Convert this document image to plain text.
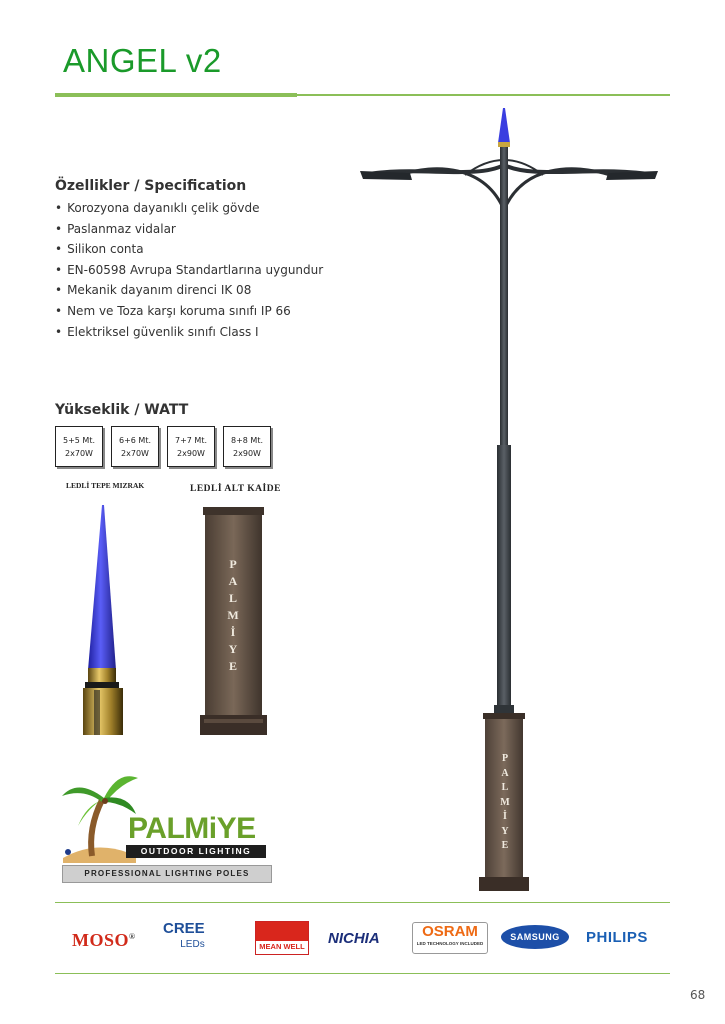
ANGEL v2
Özellikler / Specification
• Korozyona dayanıklı çelik gövde
• Paslanmaz vidalar
• Silikon conta
• EN-60598 Avrupa Standartlarına uygundur
• Mekanik dayanım direnci IK 08
• Nem ve Toza karşı koruma sınıfı IP 66
• Elektriksel güvenlik sınıfı Class I
Yükseklik / WATT
5+5 Mt.
2x70W
6+6 Mt.
2x70W
7+7 Mt.
2x90W
8+8 Mt.
2x90W
LEDLİ TEPE MIZRAK	LEDLİ ALT KAİDE
P
A
L
M
İ
Y
E
P
A
L
M
İ
Y
E
PALMiYE
OUTDOOR LIGHTING
PROFESSIONAL LIGHTING POLES
MOSO® CREE
LEDs	MEAN WELL NICHIA	OSRAM
LED TECHNOLOGY INCLUDED
SAMSUNG	PHILIPS
68
